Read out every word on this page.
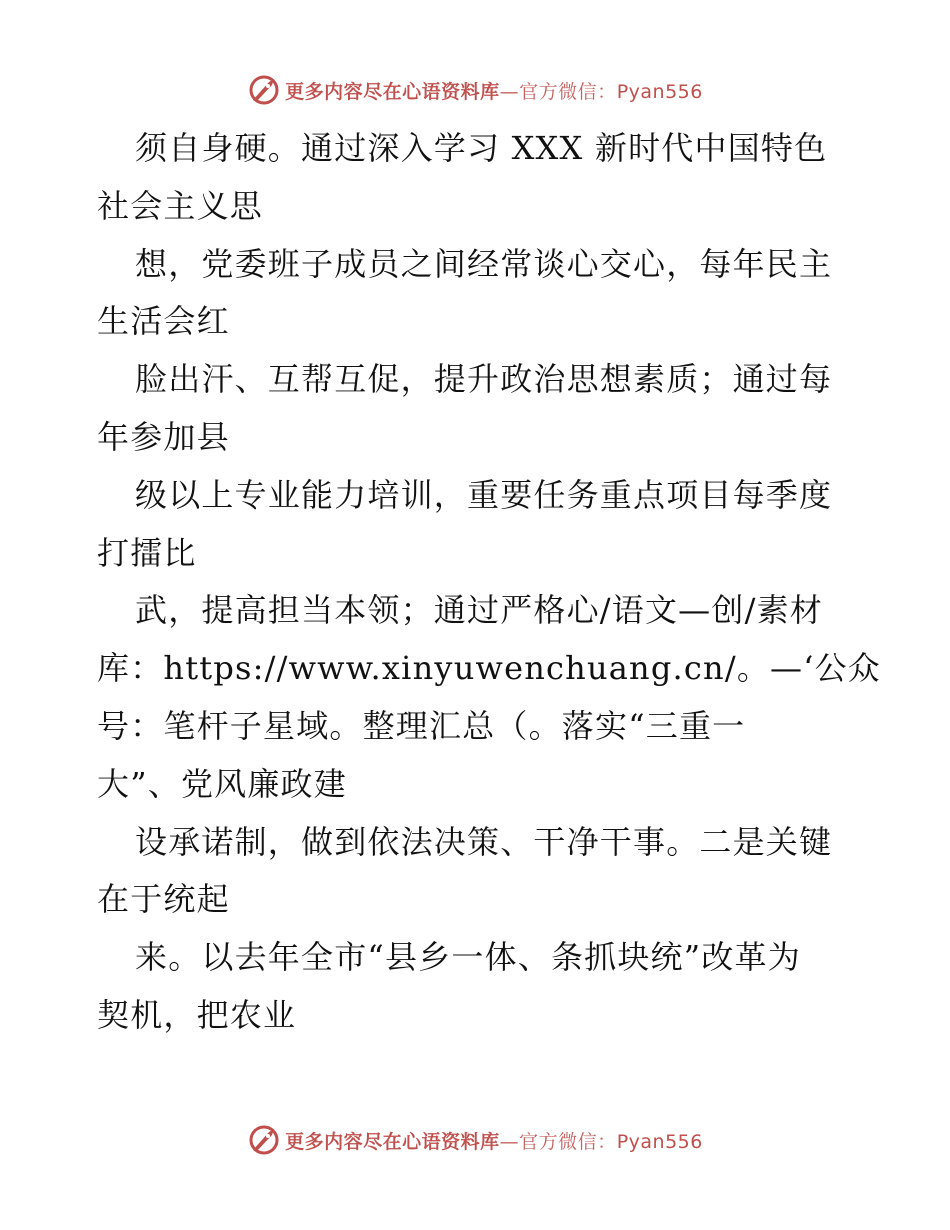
更多内容尽在心语资料库—官方微信：Pyan556
须自身硬。通过深入学习 XXX 新时代中国特色
社会主义思
想，党委班子成员之间经常谈心交心，每年民主
生活会红
脸出汗、互帮互促，提升政治思想素质；通过每
年参加县
级以上专业能力培训，重要任务重点项目每季度
打擂比
武，提高担当本领；通过严格心/语文—创/素材
库：https://www.xinyuwenchuang.cn/。—‘公众
号：笔杆子星域。整理汇总（。落实“三重一
大”、党风廉政建
设承诺制，做到依法决策、干净干事。二是关键
在于统起
来。以去年全市“县乡一体、条抓块统”改革为
契机，把农业
更多内容尽在心语资料库—官方微信：Pyan556
